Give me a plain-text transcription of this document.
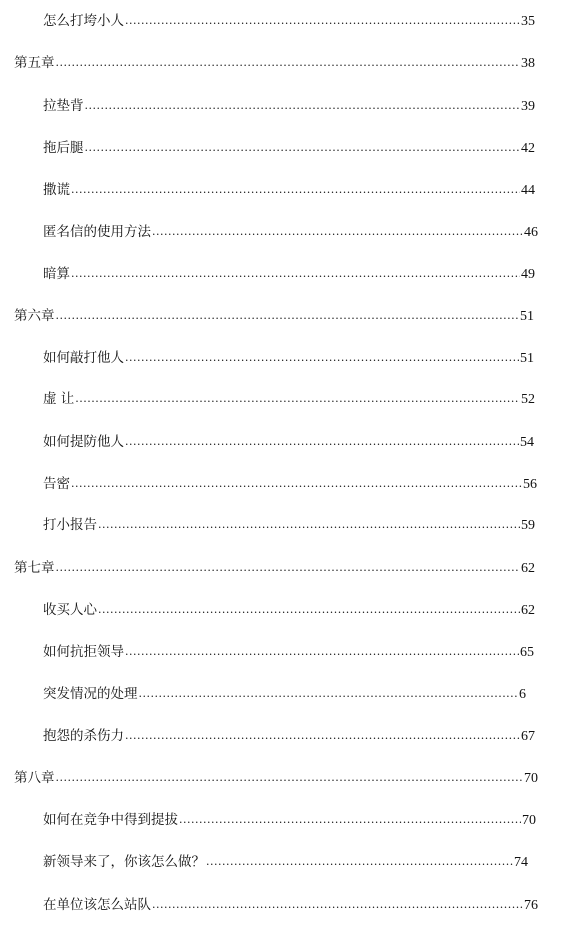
怎么打垮小人 .....	35
第五章 .....	38
拉垫背 .....	39
拖后腿 .....	42
撒谎 .....	44
匿名信的使用方法 .....	46
暗算 .....	49
第六章 .....	51
如何敲打他人 .....	51
虚 让 .....	52
如何提防他人 .....	54
告密 .....	56
打小报告 .....	59
第七章 .....	62
收买人心 .....	62
如何抗拒领导 .....	65
突发情况的处理 .....	6
抱怨的杀伤力 .....	67
第八章 .....	70
如何在竞争中得到提拔 .....	70
新领导来了，你该怎么做？ .....	74
在单位该怎么站队 .....	76
